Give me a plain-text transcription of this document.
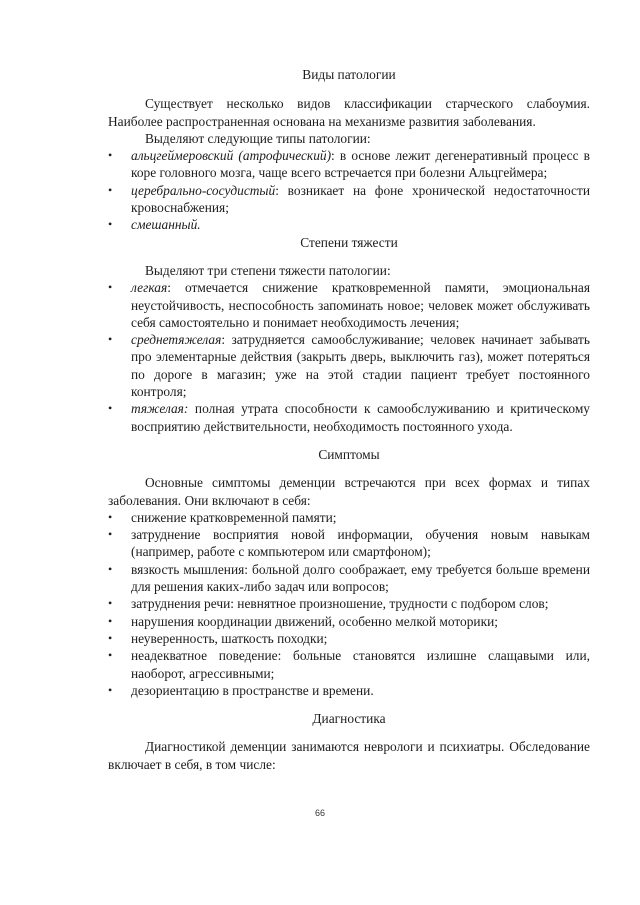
Виды патологии

Существует несколько видов классификации старческого слабоумия. Наиболее распространенная основана на механизме развития заболевания.

Выделяют следующие типы патологии:

• альцгеймеровский (атрофический): в основе лежит дегенеративный процесс в коре головного мозга, чаще всего встречается при болезни Альцгеймера;
• церебрально-сосудистый: возникает на фоне хронической недостаточности кровоснабжения;
• смешанный.
Степени тяжести

Выделяют три степени тяжести патологии:

• легкая: отмечается снижение кратковременной памяти, эмоциональная неустойчивость, неспособность запоминать новое; человек может обслуживать себя самостоятельно и понимает необходимость лечения;
• среднетяжелая: затрудняется самообслуживание; человек начинает забывать про элементарные действия (закрыть дверь, выключить газ), может потеряться по дороге в магазин; уже на этой стадии пациент требует постоянного контроля;
• тяжелая: полная утрата способности к самообслуживанию и критическому восприятию действительности, необходимость постоянного ухода.
Симптомы

Основные симптомы деменции встречаются при всех формах и типах заболевания. Они включают в себя:

• снижение кратковременной памяти;
• затруднение восприятия новой информации, обучения новым навыкам (например, работе с компьютером или смартфоном);
• вязкость мышления: больной долго соображает, ему требуется больше времени для решения каких-либо задач или вопросов;
• затруднения речи: невнятное произношение, трудности с подбором слов;
• нарушения координации движений, особенно мелкой моторики;
• неуверенность, шаткость походки;
• неадекватное поведение: больные становятся излишне слащавыми или, наоборот, агрессивными;
• дезориентацию в пространстве и времени.
Диагностика

Диагностикой деменции занимаются неврологи и психиатры. Обследование включает в себя, в том числе:

66
